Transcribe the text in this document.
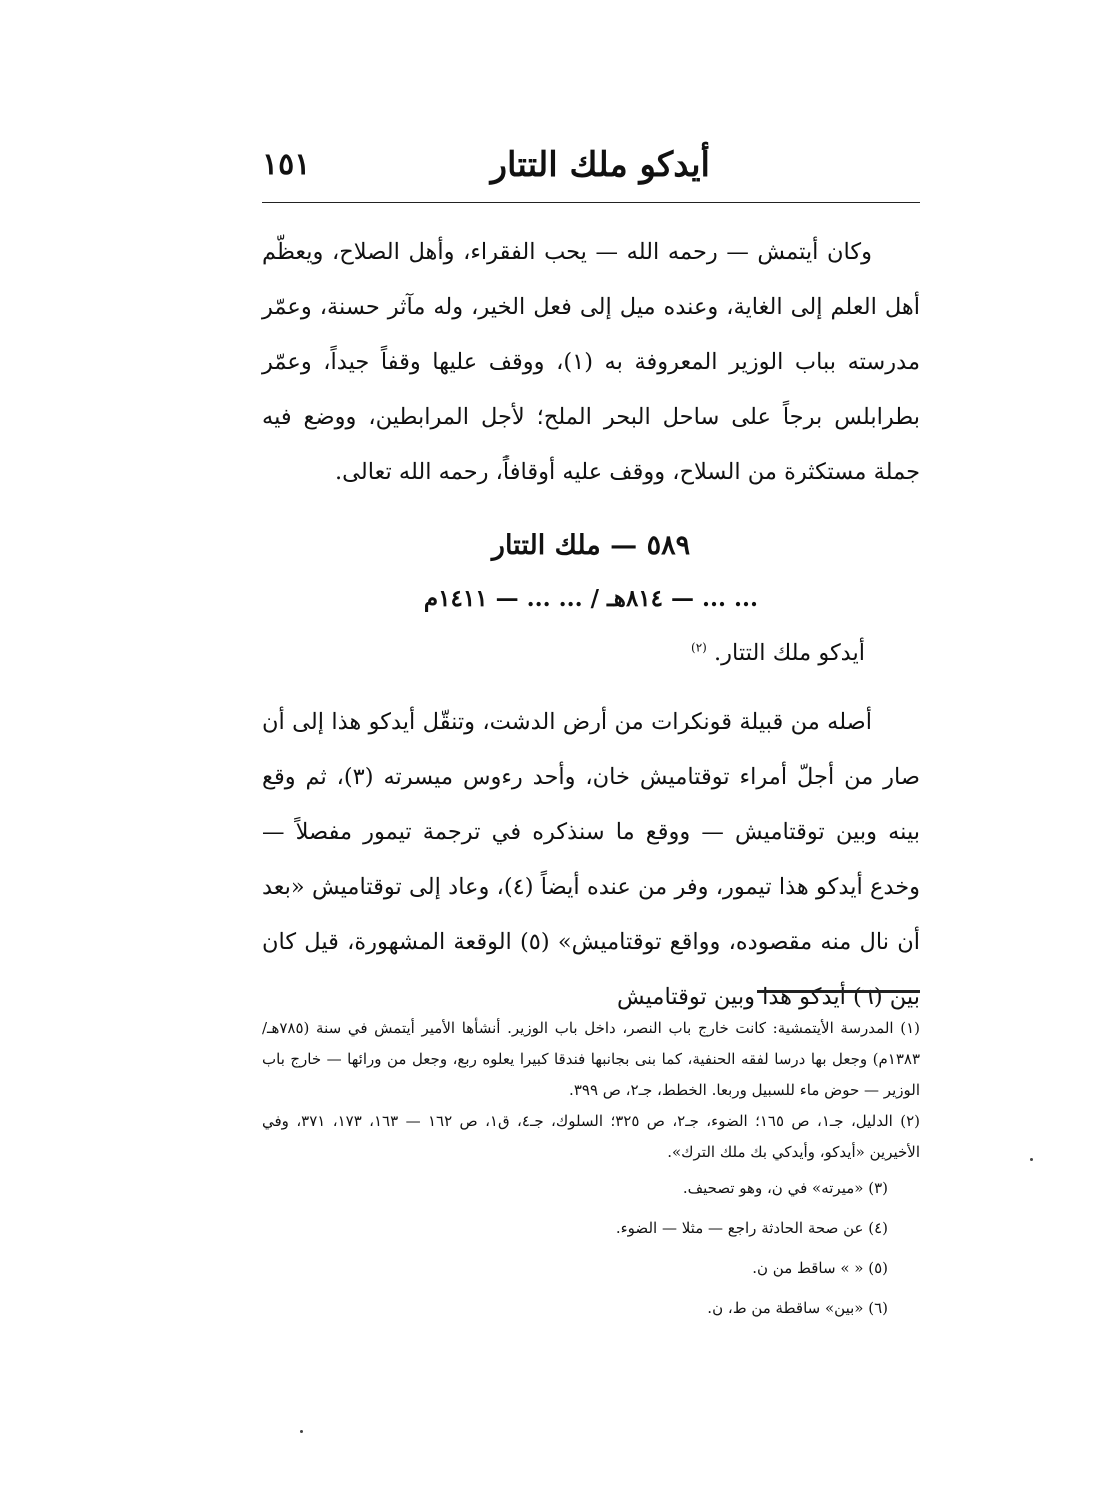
أيدكو ملك التتار
١٥١

وكان أيتمش — رحمه الله — يحب الفقراء، وأهل الصلاح، ويعظّم أهل العلم إلى الغاية، وعنده ميل إلى فعل الخير، وله مآثر حسنة، وعمّر مدرسته بباب الوزير المعروفة به (١)، ووقف عليها وقفاً جيداً، وعمّر بطرابلس برجاً على ساحل البحر الملح؛ لأجل المرابطين، ووضع فيه جملة مستكثرة من السلاح، ووقف عليه أوقافاً، رحمه الله تعالى.

٥٨٩ — ملك التتار
... ... — ٨١٤هـ / ... ... — ١٤١١م
أيدكو ملك التتار. $^{(٢)}$

أصله من قبيلة قونكرات من أرض الدشت، وتنقّل أيدكو هذا إلى أن صار من أجلّ أمراء توقتاميش خان، وأحد رءوس ميسرته (٣)، ثم وقع بينه وبين توقتاميش — ووقع ما سنذكره في ترجمة تيمور مفصلاً — وخدع أيدكو هذا تيمور، وفر من عنده أيضاً (٤)، وعاد إلى توقتاميش «بعد أن نال منه مقصوده، وواقع توقتاميش» (٥) الوقعة المشهورة، قيل كان بين (٦) أيدكو هذا وبين توقتاميش

(١) المدرسة الأيتمشية: كانت خارج باب النصر، داخل باب الوزير. أنشأها الأمير أيتمش في سنة (٧٨٥هـ/١٣٨٣م) وجعل بها درسا لفقه الحنفية، كما بنى بجانبها فندقا كبيرا يعلوه ربع، وجعل من ورائها — خارج باب الوزير — حوض ماء للسبيل وربعا. الخطط، جـ٢، ص ٣٩٩.

(٢) الدليل، جـ١، ص ١٦٥؛ الضوء، جـ٢، ص ٣٢٥؛ السلوك، جـ٤، ق١، ص ١٦٢ — ١٦٣، ١٧٣، ٣٧١، وفي الأخيرين «أيدكو، وأيدكي بك ملك الترك».

(٣) «ميرته» في ن، وهو تصحيف.

(٤) عن صحة الحادثة راجع — مثلا — الضوء.

(٥) « » ساقط من ن.

(٦) «بين» ساقطة من ط، ن.
